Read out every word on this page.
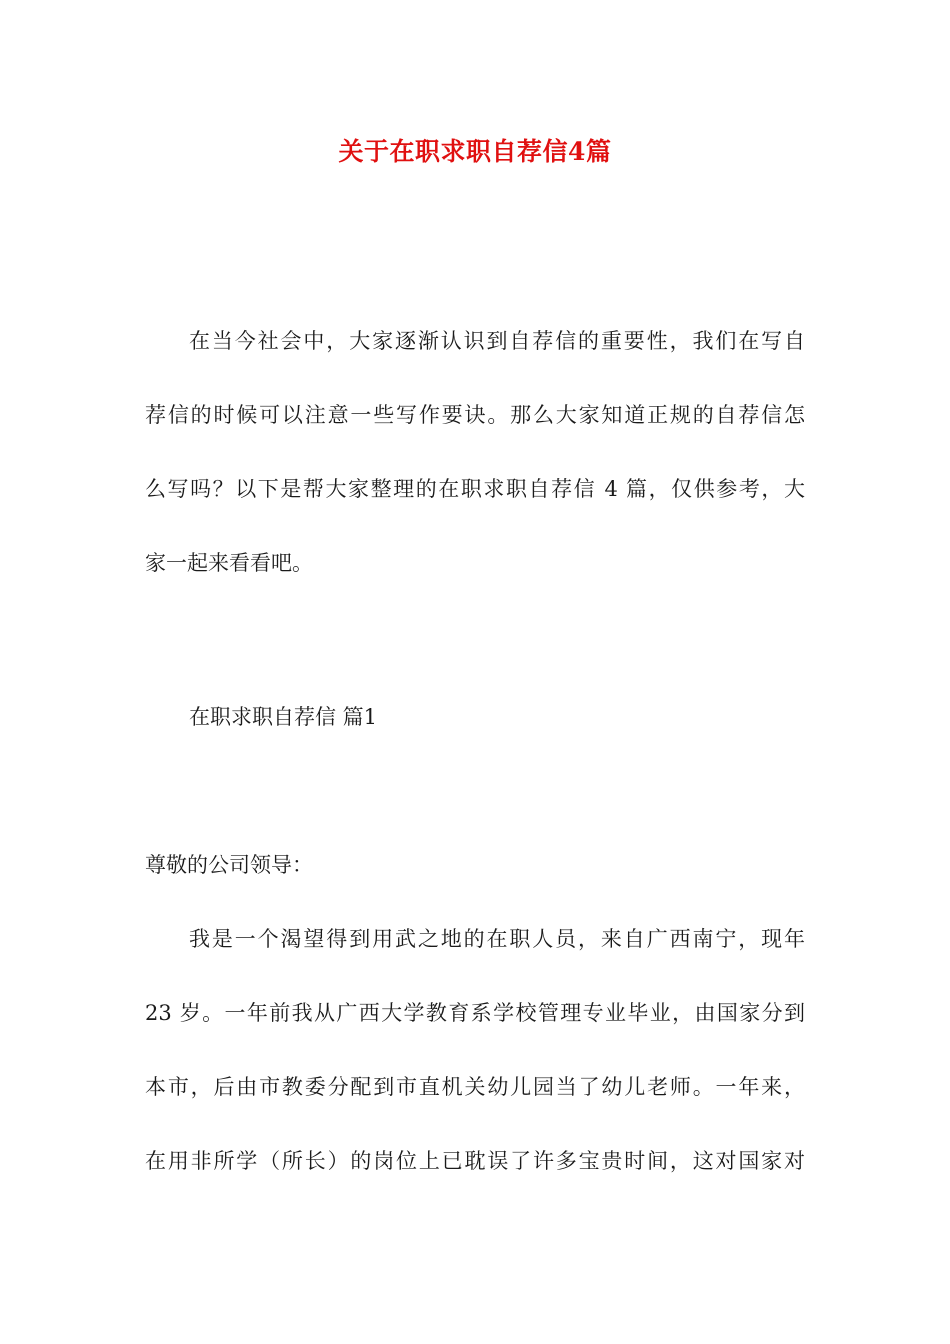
关于在职求职自荐信4篇
在当今社会中，大家逐渐认识到自荐信的重要性，我们在写自
荐信的时候可以注意一些写作要诀。那么大家知道正规的自荐信怎
么写吗？以下是帮大家整理的在职求职自荐信 4 篇，仅供参考，大
家一起来看看吧。
在职求职自荐信 篇1
尊敬的公司领导：
我是一个渴望得到用武之地的在职人员，来自广西南宁，现年
23 岁。一年前我从广西大学教育系学校管理专业毕业，由国家分到
本市，后由市教委分配到市直机关幼儿园当了幼儿老师。一年来，
在用非所学（所长）的岗位上已耽误了许多宝贵时间，这对国家对
